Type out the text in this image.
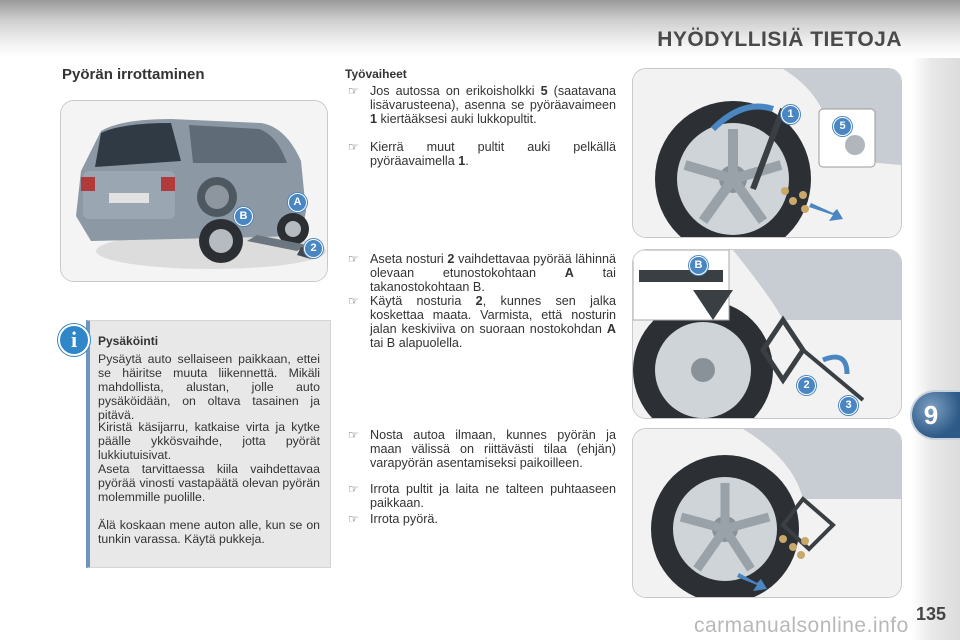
HYÖDYLLISIÄ TIETOJA
9
Pyörän irrottaminen
B
A
2
i	Pysäköinti

Pysäytä auto sellaiseen paikkaan, ettei se häiritse muuta liikennettä. Mikäli mahdollista, alustan, jolle auto pysäköidään, on oltava tasainen ja pitävä.

Kiristä käsijarru, katkaise virta ja kytke päälle ykkösvaihde, jotta pyörät lukkiutuisivat.

Aseta tarvittaessa kiila vaihdettavaa pyörää vinosti vastapäätä olevan pyörän molemmille puolille.

Älä koskaan mene auton alle, kun se on tunkin varassa. Käytä pukkeja.

Työvaiheet
☞ Jos autossa on erikoisholkki 5 (saatavana lisävarusteena), asenna se pyöräavaimeen 1 kiertääksesi auki lukkopultit.
☞ Kierrä muut pultit auki pelkällä pyöräavaimella 1.
☞ Aseta nosturi 2 vaihdettavaa pyörää lähinnä olevaan etunostokohtaan A tai takanostokohtaan B.
☞ Käytä nosturia 2, kunnes sen jalka koskettaa maata. Varmista, että nosturin jalan keskiviiva on suoraan nostokohdan A tai B alapuolella.
☞ Nosta autoa ilmaan, kunnes pyörän ja maan välissä on riittävästi tilaa (ehjän) varapyörän asentamiseksi paikoilleen.
☞ Irrota pultit ja laita ne talteen puhtaaseen paikkaan.
☞ Irrota pyörä.
1
5
B
2
3
135
carmanualsonline.info
